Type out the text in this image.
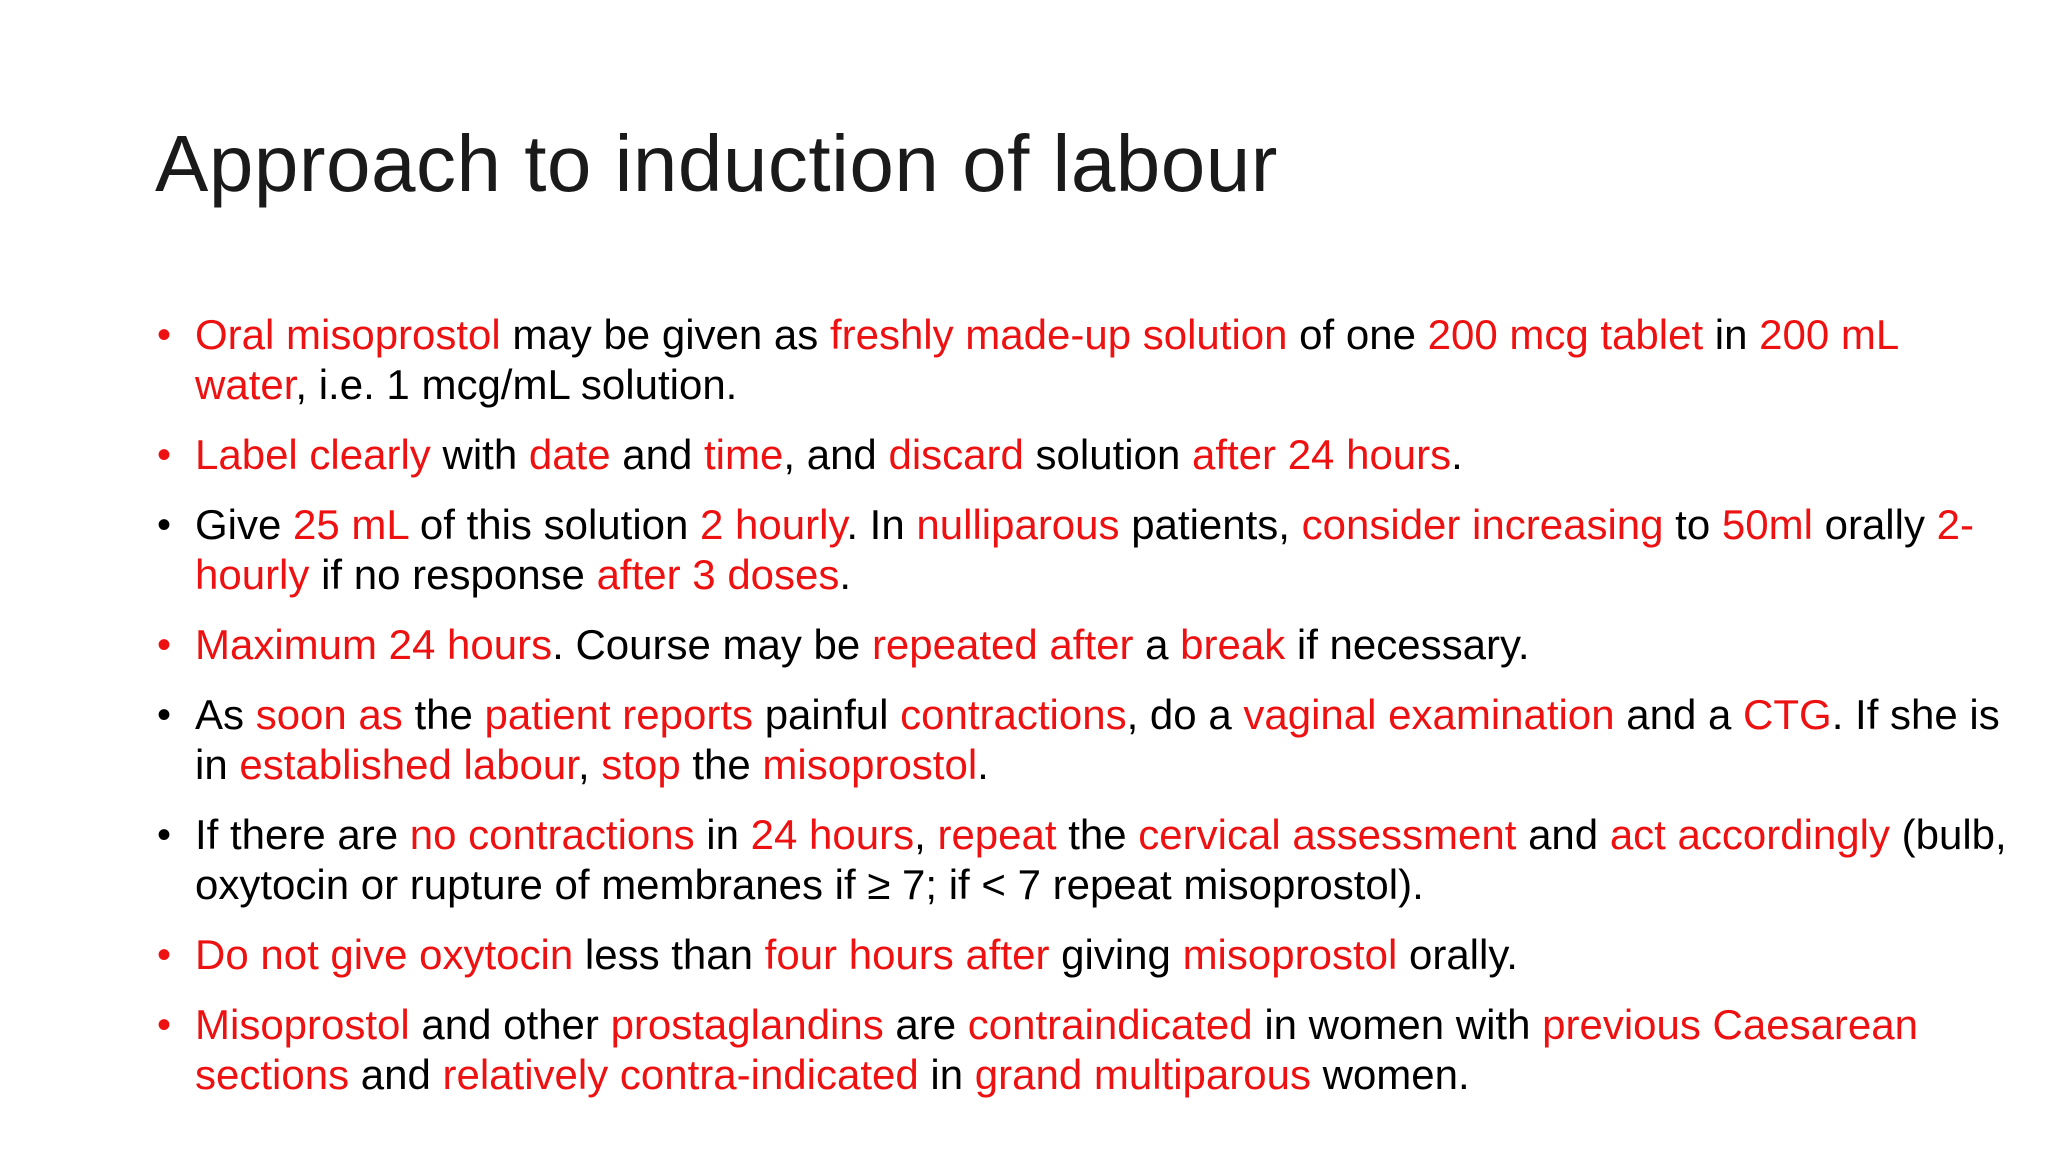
Approach to induction of labour
• Oral misoprostol may be given as freshly made-up solution of one 200 mcg tablet in 200 mL water, i.e. 1 mcg/mL solution.
• Label clearly with date and time, and discard solution after 24 hours.
• Give 25 mL of this solution 2 hourly. In nulliparous patients, consider increasing to 50ml orally 2-hourly if no response after 3 doses.
• Maximum 24 hours. Course may be repeated after a break if necessary.
• As soon as the patient reports painful contractions, do a vaginal examination and a CTG. If she is in established labour, stop the misoprostol.
• If there are no contractions in 24 hours, repeat the cervical assessment and act accordingly (bulb, oxytocin or rupture of membranes if ≥ 7; if < 7 repeat misoprostol).
• Do not give oxytocin less than four hours after giving misoprostol orally.
• Misoprostol and other prostaglandins are contraindicated in women with previous Caesarean sections and relatively contra-indicated in grand multiparous women.
